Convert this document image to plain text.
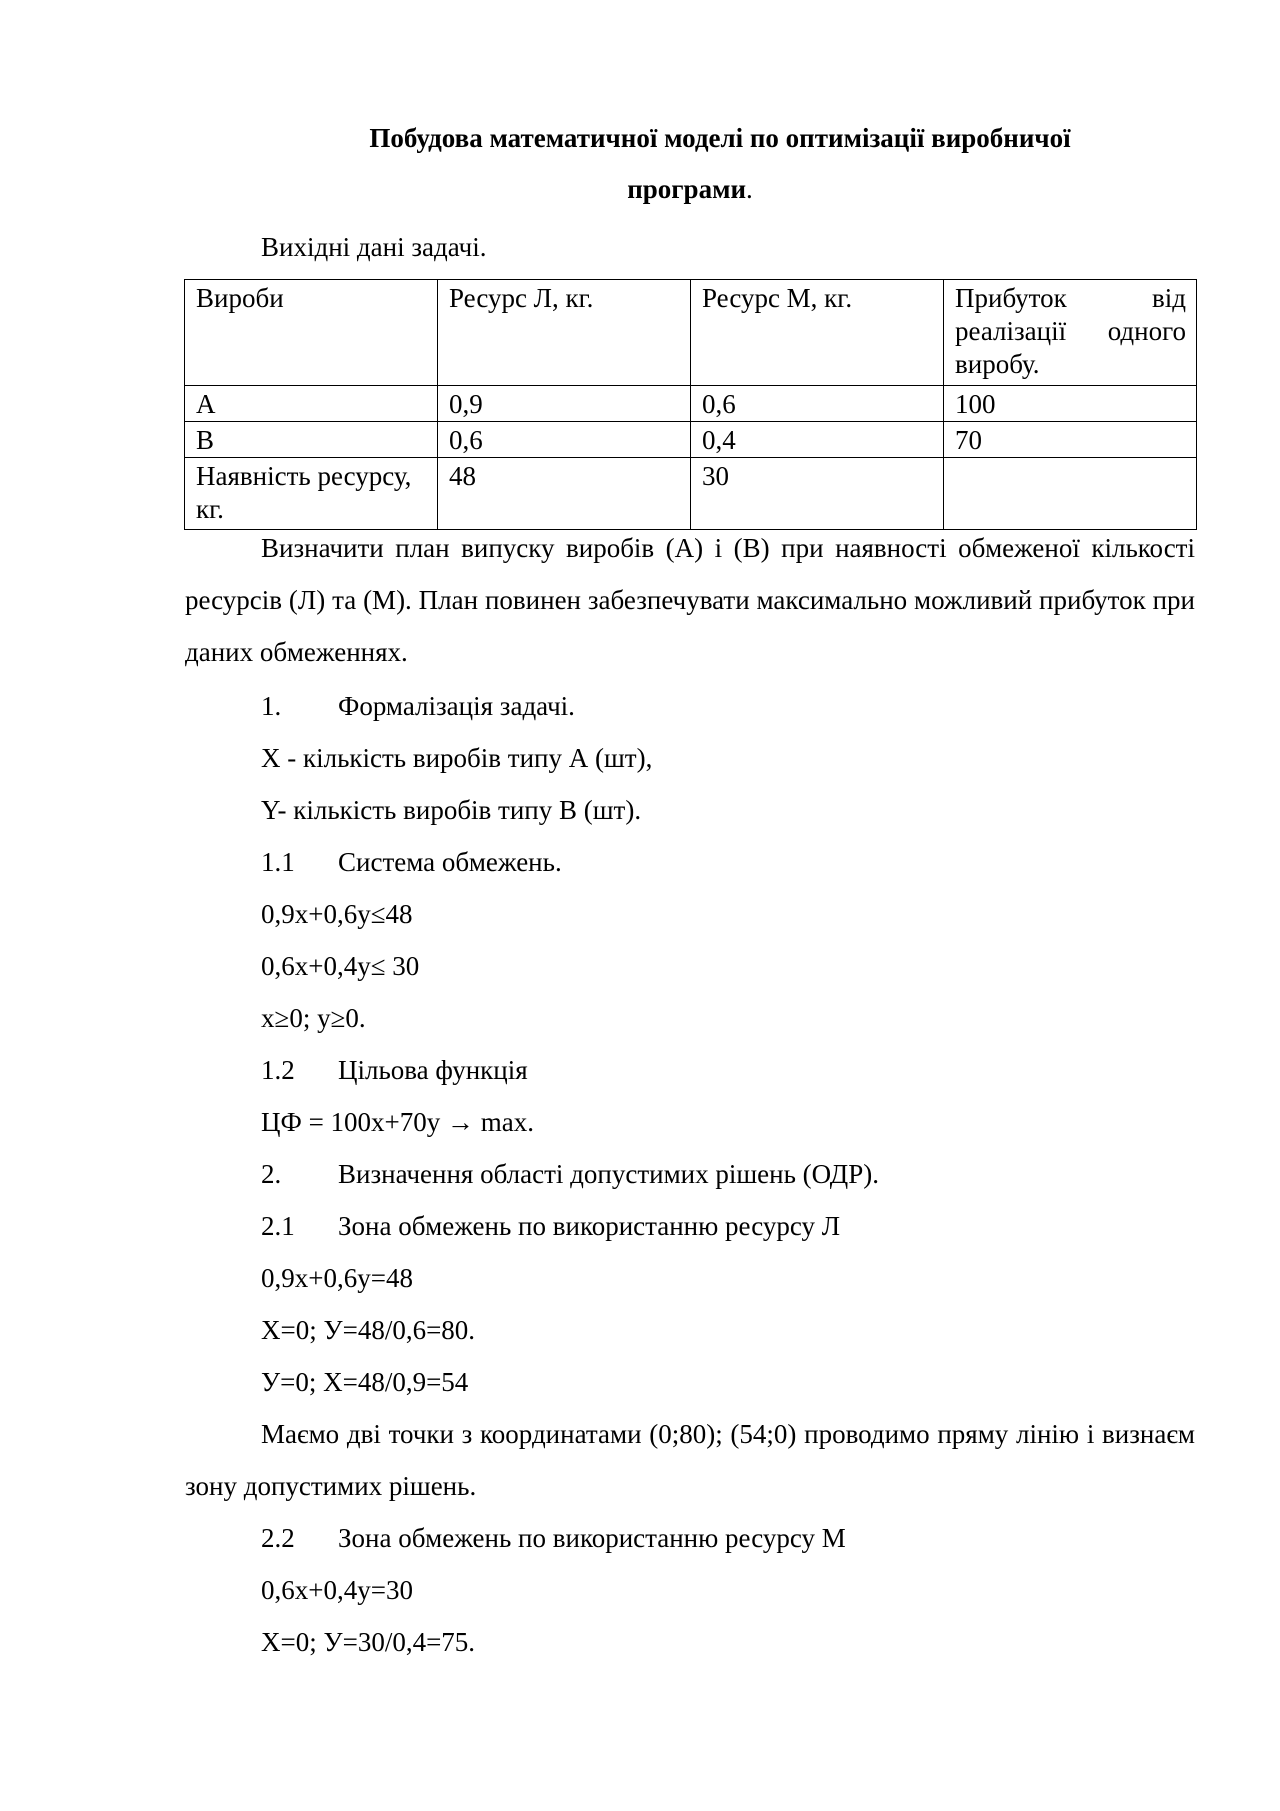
Побудова математичної моделі по оптимізації виробничої

програми.

Вихідні дані задачі.

Вироби	Ресурс Л, кг.	Ресурс М, кг.	Прибуток від реалізації одного виробу.
А	0,9	0,6	100
В	0,6	0,4	70
Наявність ресурсу, кг.	48	30	

Визначити план випуску виробів (А) і (В) при наявності обмеженої кількості ресурсів (Л) та (М). План повинен забезпечувати максимально можливий прибуток при даних обмеженнях.

1. Формалізація задачі.

X - кількість виробів типу А (шт),

Y- кількість виробів типу В (шт).

1.1 Система обмежень.

0,9x+0,6y≤48

0,6x+0,4y≤ 30

x≥0; y≥0.

1.2 Цільова функція

ЦФ = 100x+70y → max.

2. Визначення області допустимих рішень (ОДР).

2.1 Зона обмежень по використанню ресурсу Л

0,9x+0,6y=48

X=0; У=48/0,6=80.

У=0; X=48/0,9=54

Маємо дві точки з координатами (0;80); (54;0) проводимо пряму лінію і визнаєм зону допустимих рішень.

2.2 Зона обмежень по використанню ресурсу М

0,6x+0,4y=30

X=0; У=30/0,4=75.
